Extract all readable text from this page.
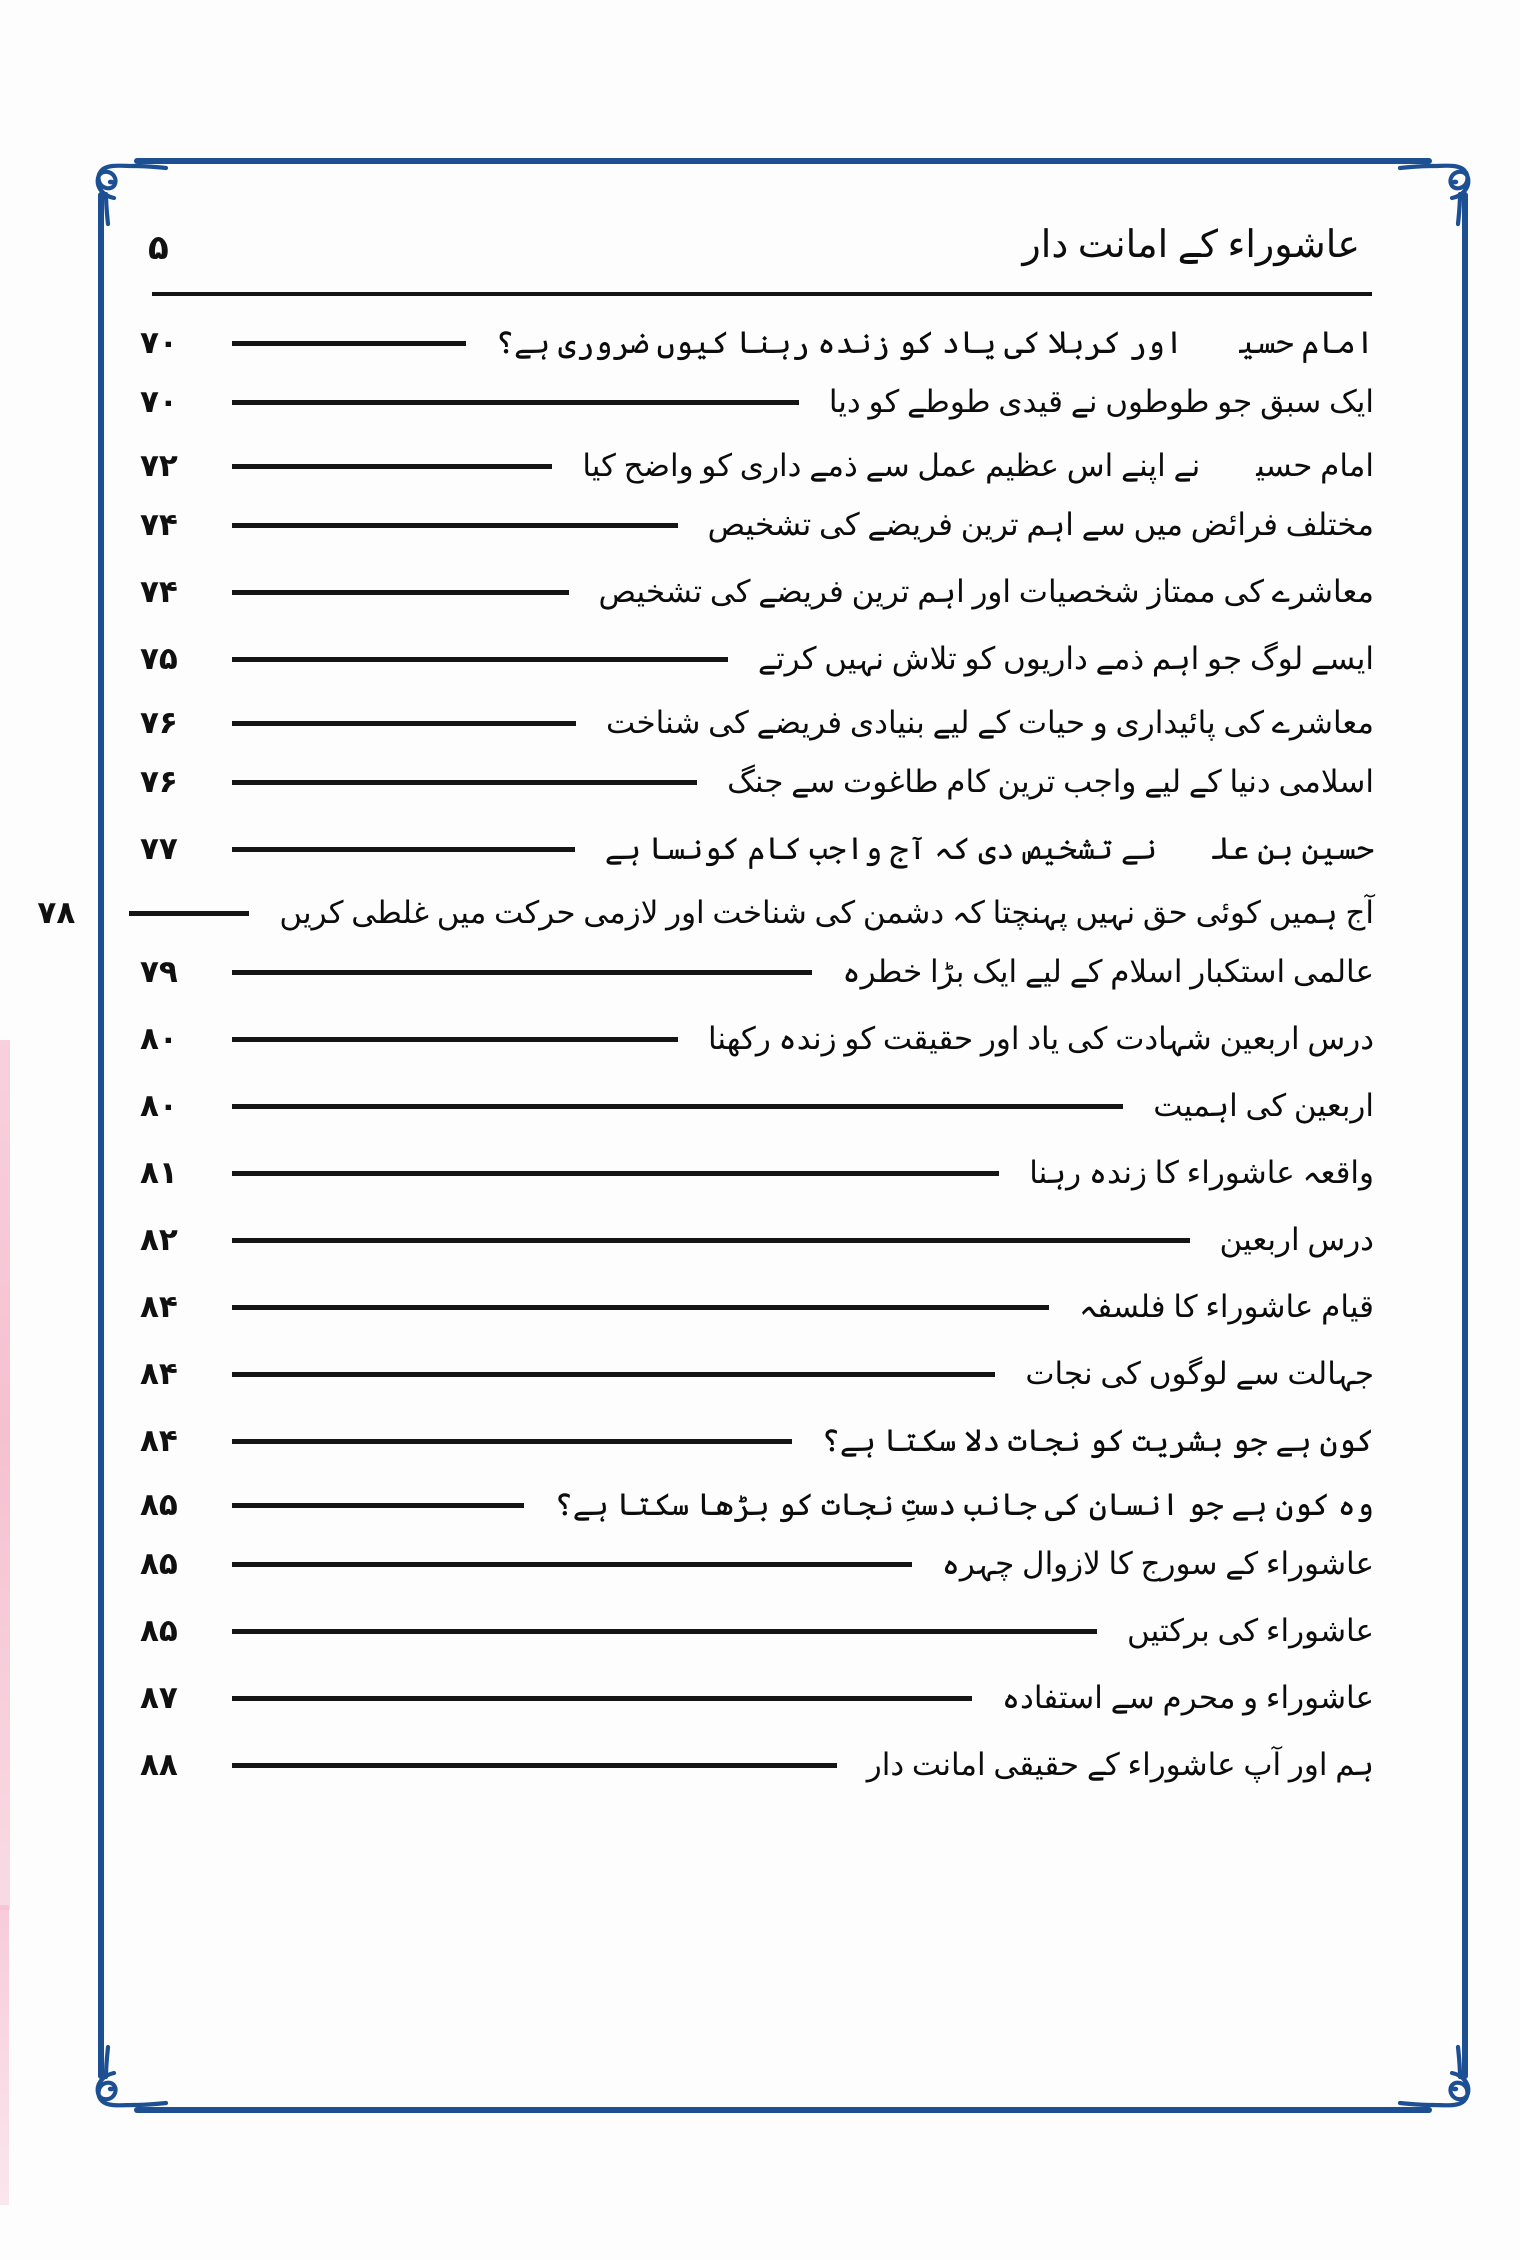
۵	عاشوراء کے امانت دار
امام حسینؑ اور کربلا کی یاد کو زندہ رہنا کیوں ضروری ہے؟
۷۰
ایک سبق جو طوطوں نے قیدی طوطے کو دیا
۷۰
امام حسینؑ نے اپنے اس عظیم عمل سے ذمے داری کو واضح کیا
۷۲
مختلف فرائض میں سے اہم ترین فریضے کی تشخیص
۷۴
معاشرے کی ممتاز شخصیات اور اہم ترین فریضے کی تشخیص
۷۴
ایسے لوگ جو اہم ذمے داریوں کو تلاش نہیں کرتے
۷۵
معاشرے کی پائیداری و حیات کے لیے بنیادی فریضے کی شناخت
۷۶
اسلامی دنیا کے لیے واجب ترین کام طاغوت سے جنگ
۷۶
حسین بن علیؑ نے تشخیص دی کہ آج واجب کام کونسا ہے
۷۷
آج ہمیں کوئی حق نہیں پہنچتا کہ دشمن کی شناخت اور لازمی حرکت میں غلطی کریں
۷۸
عالمی استکبار اسلام کے لیے ایک بڑا خطرہ
۷۹
درس اربعین شہادت کی یاد اور حقیقت کو زندہ رکھنا
۸۰
اربعین کی اہمیت
۸۰
واقعہ عاشوراء کا زندہ رہنا
۸۱
درس اربعین
۸۲
قیام عاشوراء کا فلسفہ
۸۴
جہالت سے لوگوں کی نجات
۸۴
کون ہے جو بشریت کو نجات دلا سکتا ہے؟
۸۴
وہ کون ہے جو انسان کی جانب دستِ نجات کو بڑھا سکتا ہے؟
۸۵
عاشوراء کے سورج کا لازوال چہرہ
۸۵
عاشوراء کی برکتیں
۸۵
عاشوراء و محرم سے استفادہ
۸۷
ہم اور آپ عاشوراء کے حقیقی امانت دار
۸۸
